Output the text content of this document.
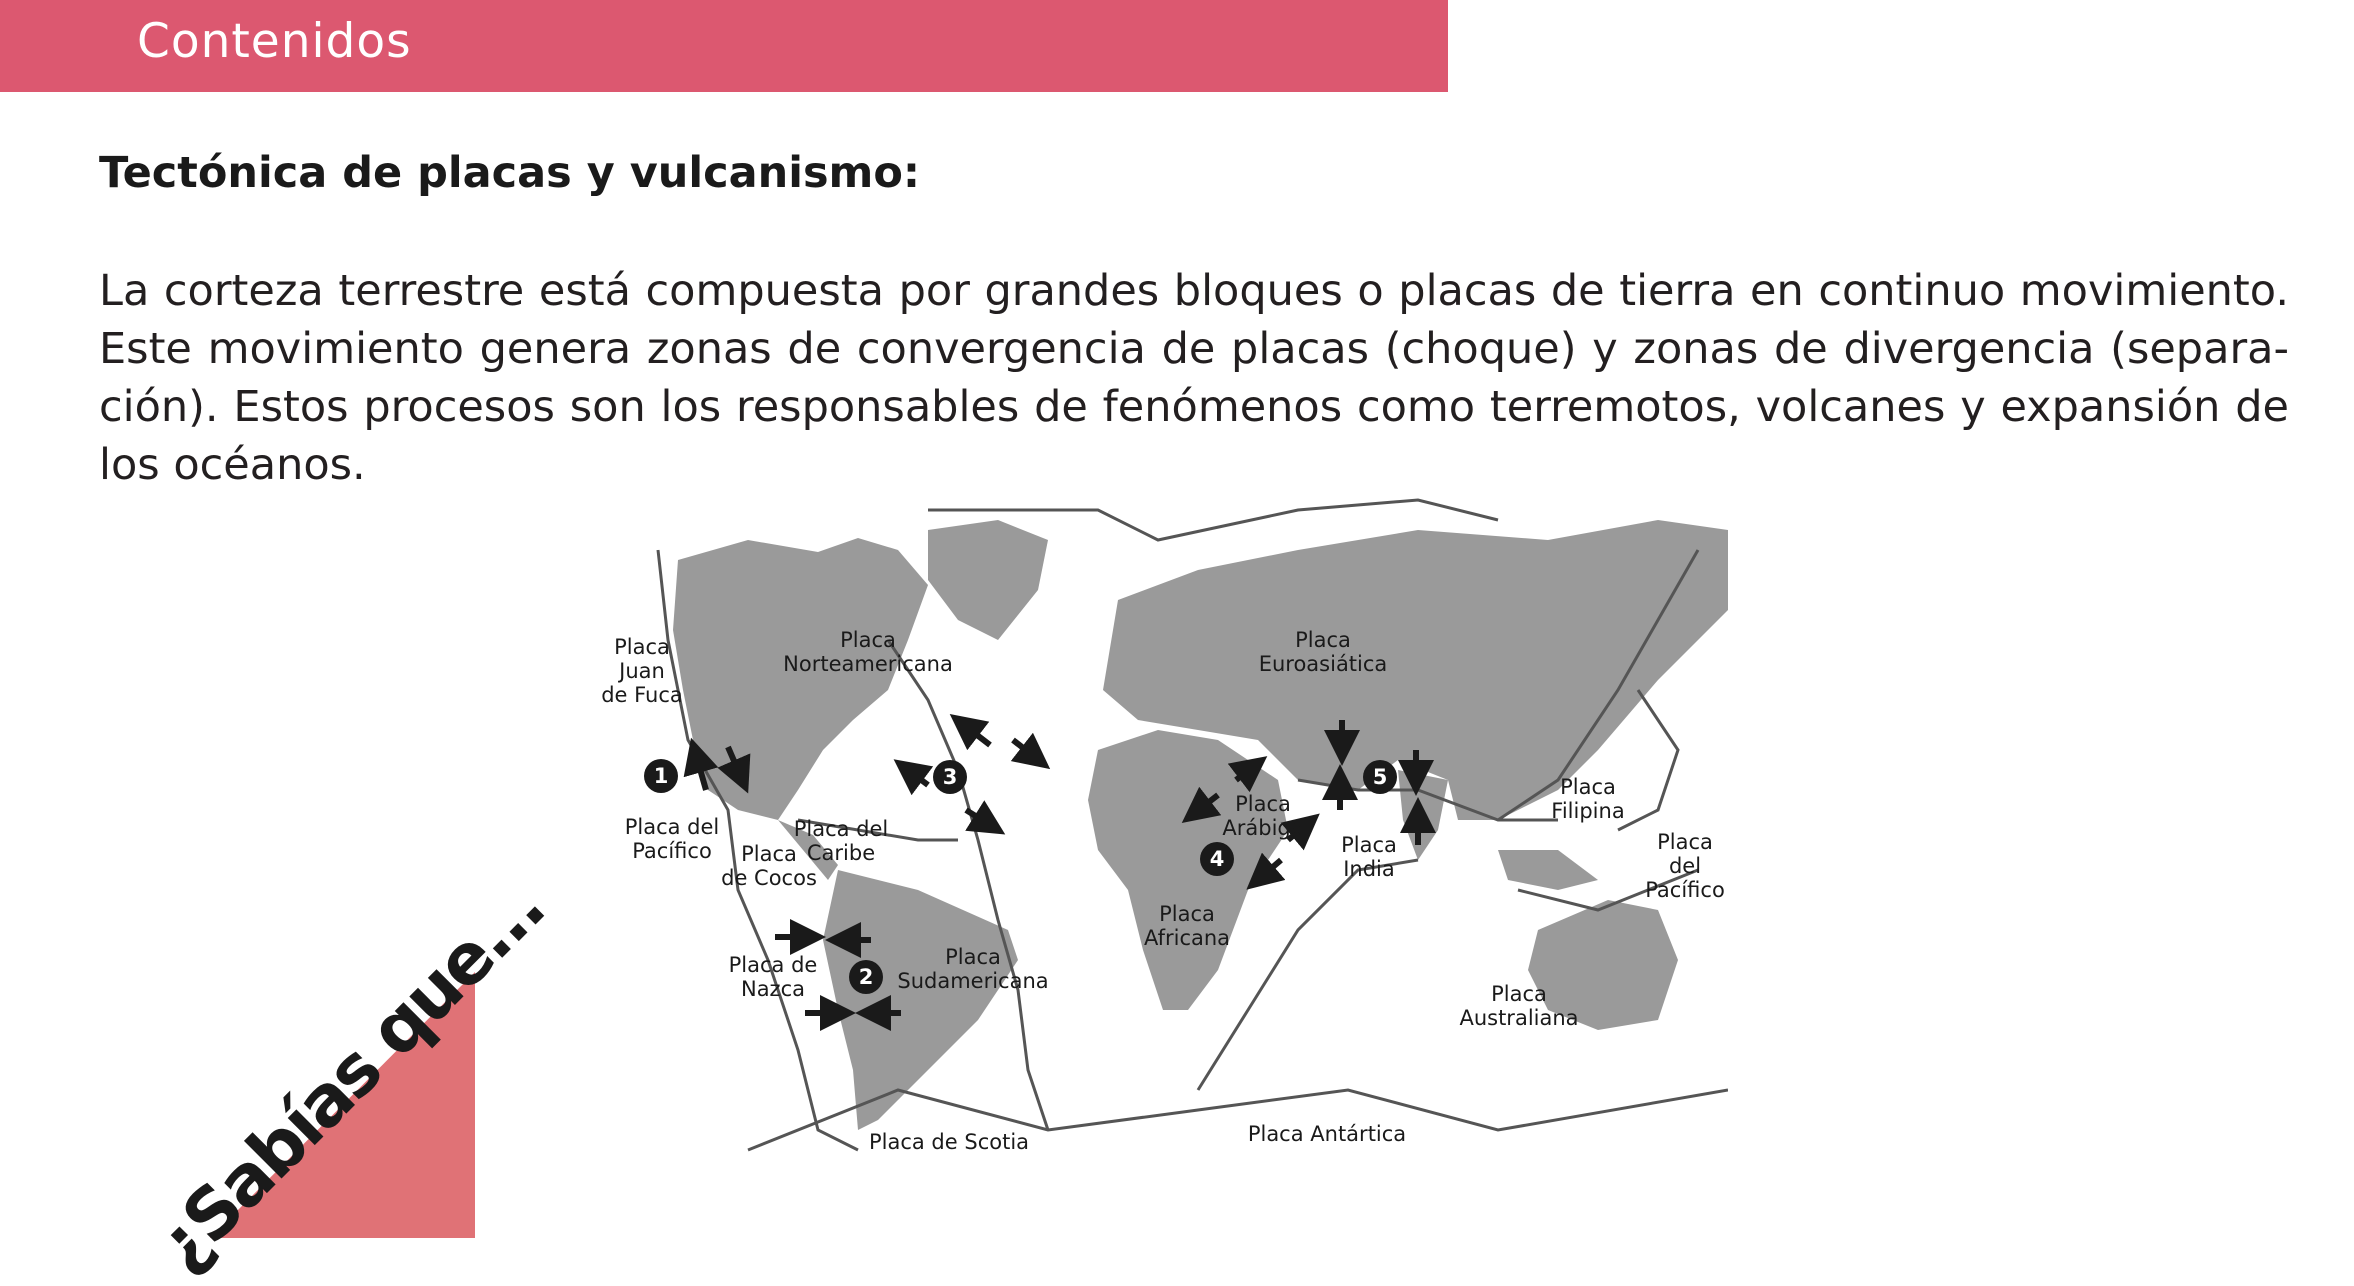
Contenidos
Tectónica de placas y vulcanismo:
La corteza terrestre está compuesta por grandes bloques o placas de tierra en continuo movimiento. Este movimiento genera zonas de convergencia de placas (choque) y zonas de divergencia (separa-ción). Estos procesos son los responsables de fenómenos como terremotos, volcanes y expansión de los océanos.
Placa
Juan
de Fuca
Placa
Norteamericana
Placa
Euroasiática
Placa del
Pacífico
Placa del
Caribe
Placa
de Cocos
Placa
Arábiga
Placa
Filipina
Placa del
Pacífico
Placa
India
Placa
Africana
Placa de
Nazca
Placa
Sudamericana
Placa
Australiana
Placa de Scotia	Placa Antártica
1
2
3
4
5
¿Sabías que...
